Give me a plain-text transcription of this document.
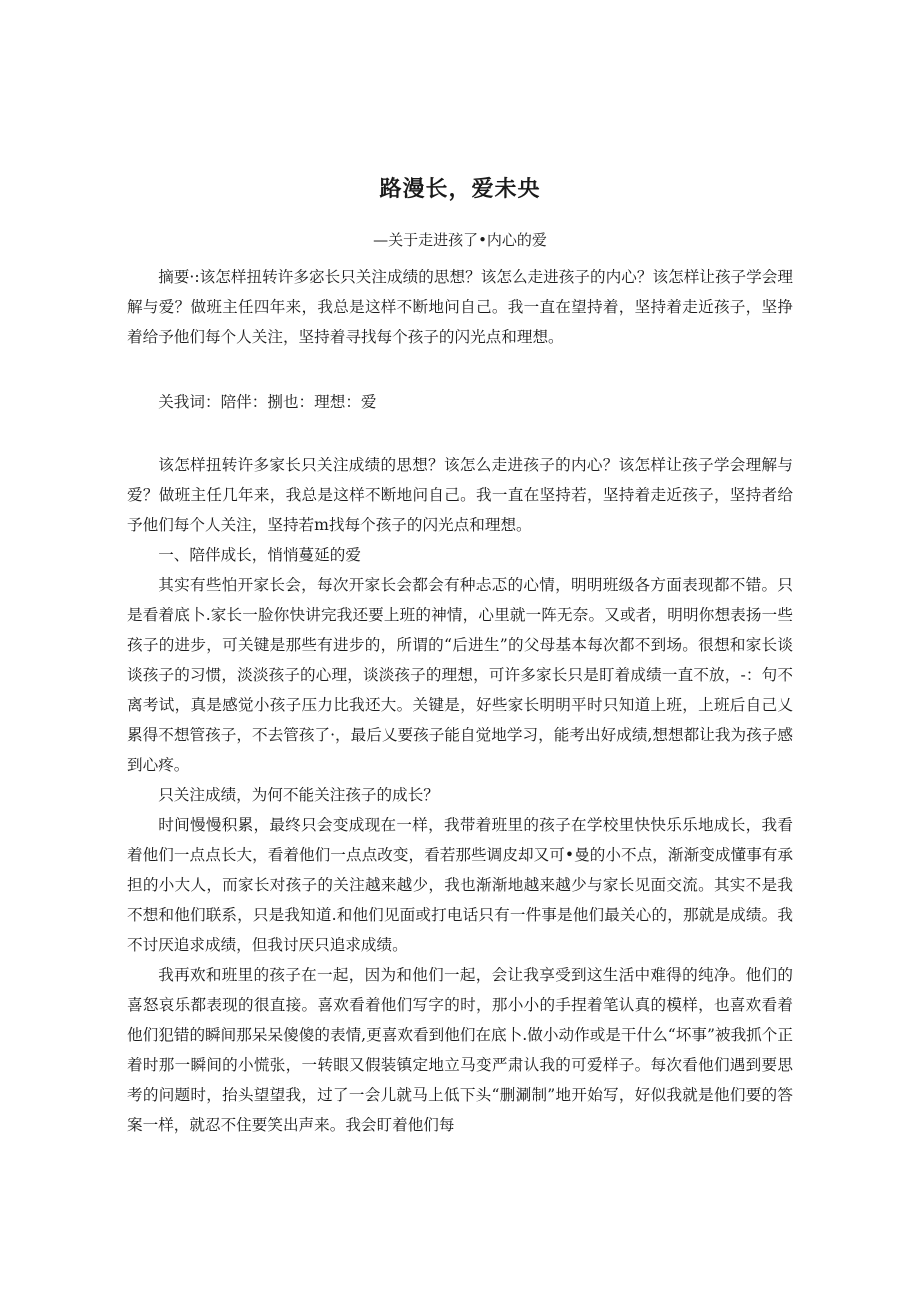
路漫长，爱未央
—关于走进孩了•内心的爱

摘要·:该怎样扭转许多宓长只关注成绩的思想？该怎么走进孩子的内心？该怎样让孩子学会理解与爱？做班主任四年来，我总是这样不断地问自己。我一直在望持着，坚持着走近孩子，坚挣着给予他们每个人关注，坚持着寻找每个孩子的闪光点和理想。

关我词：陪伴：捌也：理想：爱

该怎样扭转许多家长只关注成绩的思想？该怎么走进孩子的内心？该怎样让孩子学会理解与爱？做班主任几年来，我总是这样不断地问自己。我一直在坚持若，坚持着走近孩子，坚持者给予他们每个人关注，坚持若m找每个孩子的闪光点和理想。

一、陪伴成长，悄悄蔓延的爱

其实有些怕开家长会，每次开家长会都会有种忐忑的心情，明明班级各方面表现都不错。只是看着底卜.家长一脸你快讲完我还要上班的神情，心里就一阵无奈。又或者，明明你想表扬一些孩子的进步，可关键是那些有进步的，所谓的“后进生”的父母基本每次都不到场。很想和家长谈谈孩子的习惯，淡淡孩子的心理，谈淡孩子的理想，可许多家长只是盯着成绩一直不放，-：句不离考试，真是感觉小孩子压力比我还大。关键是，好些家长明明平时只知道上班，上班后自己乂累得不想管孩子，不去管孩了·，最后乂要孩子能自觉地学习，能考出好成绩,想想都让我为孩子感到心疼。

只关注成绩，为何不能关注孩子的成长？

时间慢慢积累，最终只会变成现在一样，我带着班里的孩子在学校里快快乐乐地成长，我看着他们一点点长大，看着他们一点点改变，看若那些调皮却又可•曼的小不点，渐渐变成懂事有承担的小大人，而家长对孩子的关注越来越少，我也渐渐地越来越少与家长见面交流。其实不是我不想和他们联系，只是我知道.和他们见面或打电话只有一件事是他们最关心的，那就是成绩。我不讨厌追求成绩，但我讨厌只追求成绩。

我再欢和班里的孩子在一起，因为和他们一起，会让我享受到这生活中难得的纯净。他们的喜怒哀乐都表现的很直接。喜欢看着他们写字的时，那小小的手捏着笔认真的模样，也喜欢看着他们犯错的瞬间那呆呆傻傻的表情,更喜欢看到他们在底卜.做小动作或是干什么“坏事”被我抓个正着时那一瞬间的小慌张，一转眼又假装镇定地立马变严肃认我的可爱样子。每次看他们遇到要思考的问题时，抬头望望我，过了一会儿就马上低下头“删涮制”地开始写，好似我就是他们要的答案一样，就忍不住要笑出声来。我会盯着他们每
